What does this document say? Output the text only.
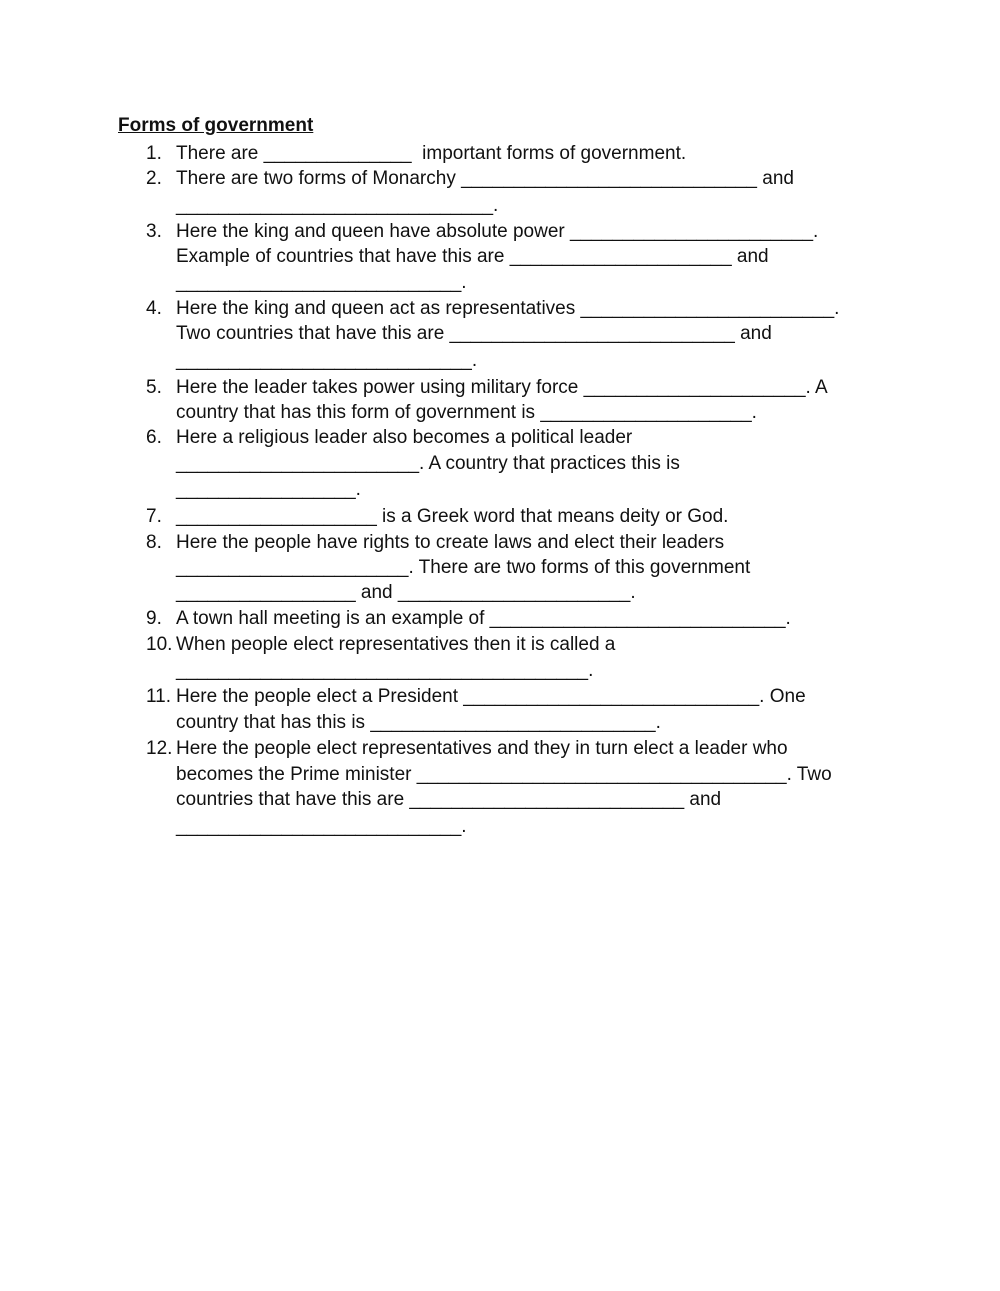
Forms of government
1. There are ______________  important forms of government.
2. There are two forms of Monarchy ____________________________ and
______________________________.
3. Here the king and queen have absolute power _______________________.
Example of countries that have this are _____________________ and
___________________________.
4. Here the king and queen act as representatives ________________________.
Two countries that have this are ___________________________ and
____________________________.
5. Here the leader takes power using military force _____________________. A
country that has this form of government is ____________________.
6. Here a religious leader also becomes a political leader
_______________________. A country that practices this is
_________________.
7. ___________________ is a Greek word that means deity or God.
8. Here the people have rights to create laws and elect their leaders
______________________. There are two forms of this government
_________________ and ______________________.
9. A town hall meeting is an example of ____________________________.
10. When people elect representatives then it is called a
_______________________________________.
11. Here the people elect a President ____________________________. One
country that has this is ___________________________.
12. Here the people elect representatives and they in turn elect a leader who
becomes the Prime minister ___________________________________. Two
countries that have this are __________________________ and
___________________________.
